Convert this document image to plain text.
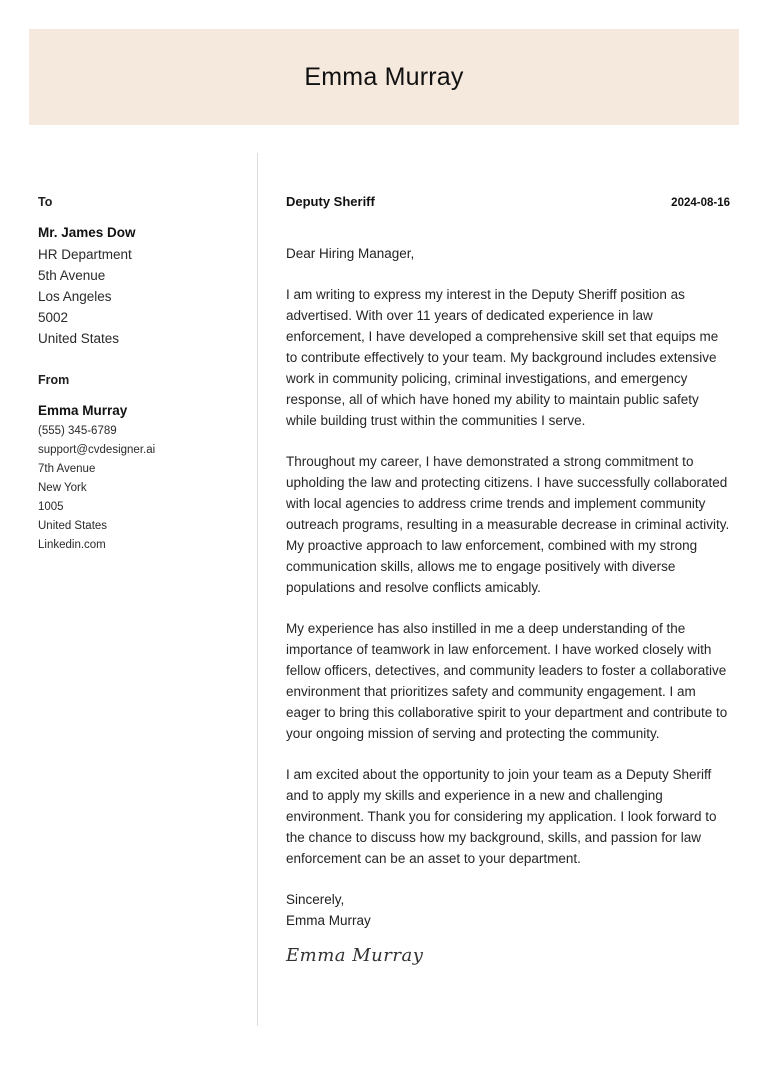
Emma Murray

To

Mr. James Dow
HR Department
5th Avenue
Los Angeles
5002
United States

From

Emma Murray
(555) 345-6789
support@cvdesigner.ai
7th Avenue
New York
1005
United States
Linkedin.com
Deputy Sheriff	2024-08-16
Dear Hiring Manager,
I am writing to express my interest in the Deputy Sheriff position as advertised. With over 11 years of dedicated experience in law enforcement, I have developed a comprehensive skill set that equips me to contribute effectively to your team. My background includes extensive work in community policing, criminal investigations, and emergency response, all of which have honed my ability to maintain public safety while building trust within the communities I serve.
Throughout my career, I have demonstrated a strong commitment to upholding the law and protecting citizens. I have successfully collaborated with local agencies to address crime trends and implement community outreach programs, resulting in a measurable decrease in criminal activity. My proactive approach to law enforcement, combined with my strong communication skills, allows me to engage positively with diverse populations and resolve conflicts amicably.
My experience has also instilled in me a deep understanding of the importance of teamwork in law enforcement. I have worked closely with fellow officers, detectives, and community leaders to foster a collaborative environment that prioritizes safety and community engagement. I am eager to bring this collaborative spirit to your department and contribute to your ongoing mission of serving and protecting the community.
I am excited about the opportunity to join your team as a Deputy Sheriff and to apply my skills and experience in a new and challenging environment. Thank you for considering my application. I look forward to the chance to discuss how my background, skills, and passion for law enforcement can be an asset to your department.
Sincerely,
Emma Murray
Emma Murray
